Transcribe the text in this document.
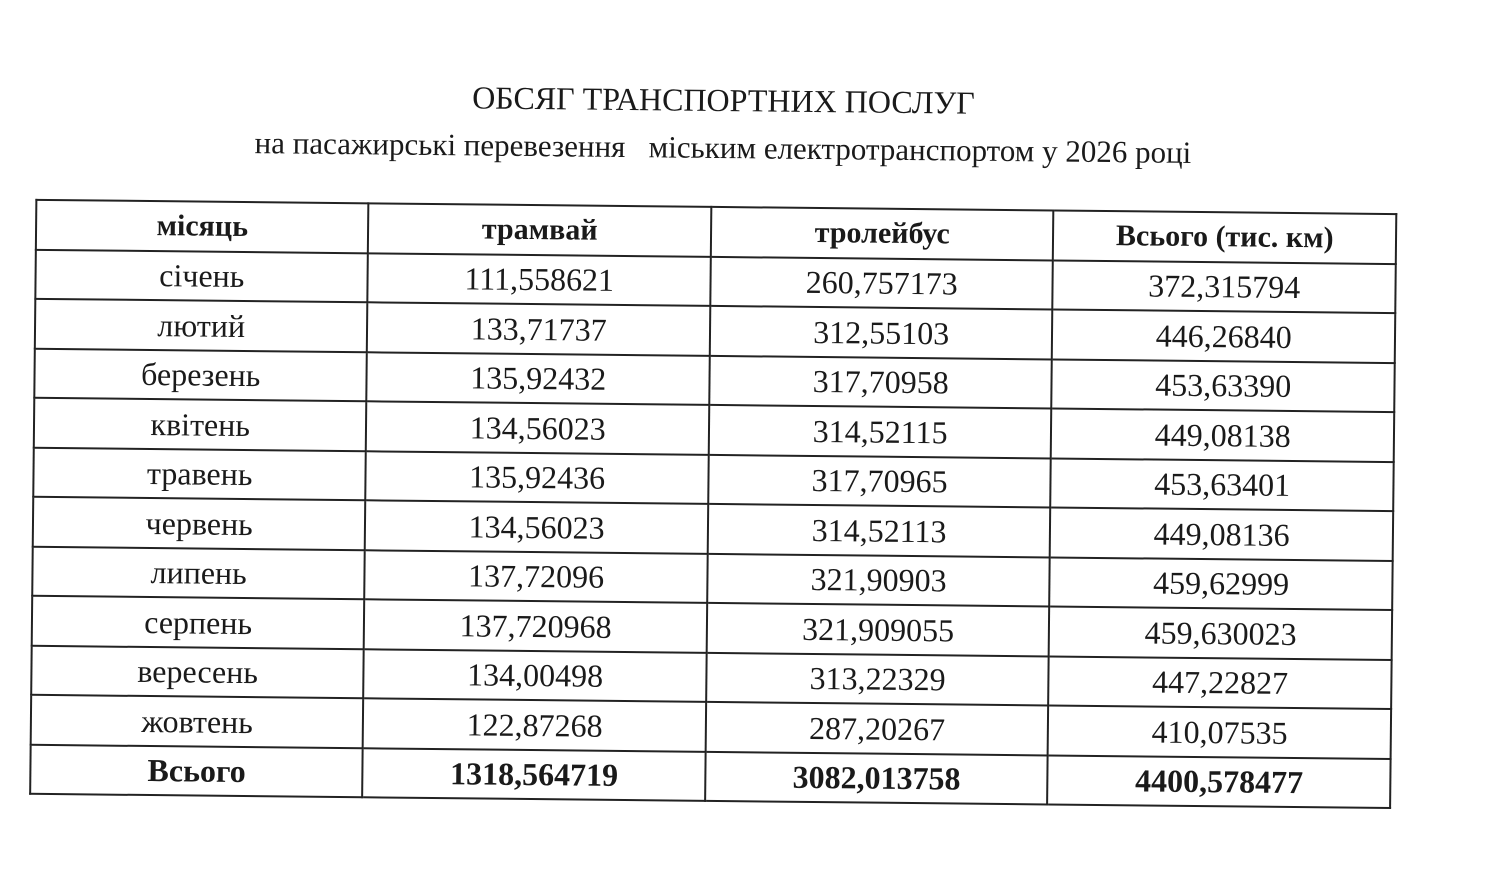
ОБСЯГ ТРАНСПОРТНИХ ПОСЛУГ
на пасажирські перевезення   міським електротранспортом у 2026 році
місяць	трамвай	тролейбус	Всього (тис. км)
січень	111,558621	260,757173	372,315794
лютий	133,71737	312,55103	446,26840
березень	135,92432	317,70958	453,63390
квітень	134,56023	314,52115	449,08138
травень	135,92436	317,70965	453,63401
червень	134,56023	314,52113	449,08136
липень	137,72096	321,90903	459,62999
серпень	137,720968	321,909055	459,630023
вересень	134,00498	313,22329	447,22827
жовтень	122,87268	287,20267	410,07535
Всього	1318,564719	3082,013758	4400,578477
